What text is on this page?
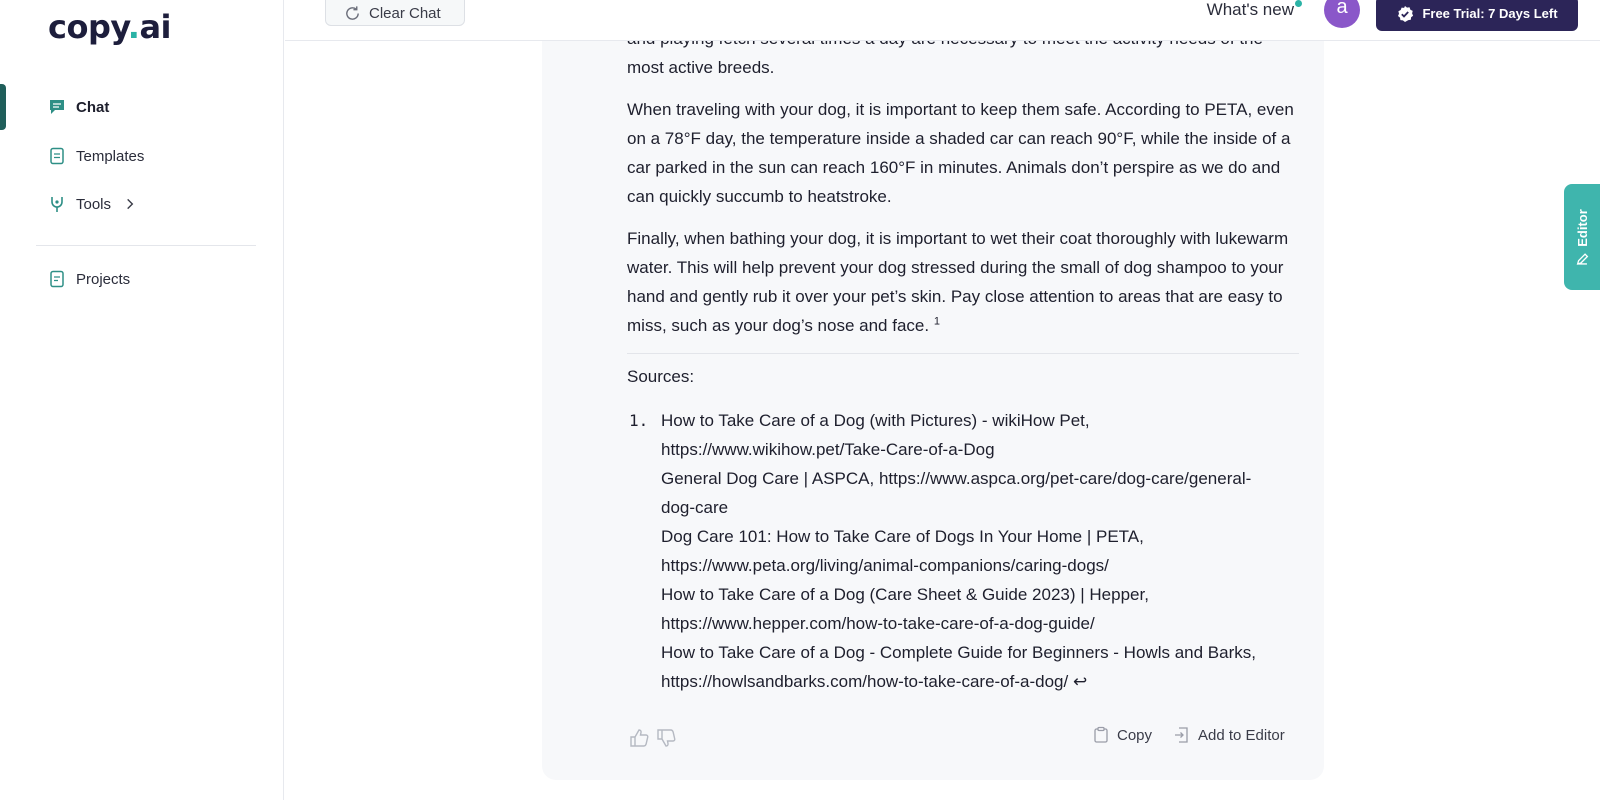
copy.ai
Chat
Templates
Tools
Projects
Clear Chat	What's new a	Free Trial: 7 Days Left

most active breeds.

When traveling with your dog, it is important to keep them safe. According to PETA, even on a 78°F day, the temperature inside a shaded car can reach 90°F, while the inside of a car parked in the sun can reach 160°F in minutes. Animals don’t perspire as we do and can quickly succumb to heatstroke.

Finally, when bathing your dog, it is important to wet their coat thoroughly with lukewarm water. This will help prevent your dog stressed during the small of dog shampoo to your hand and gently rub it over your pet’s skin. Pay close attention to areas that are easy to miss, such as your dog’s nose and face. $^1$

Sources:
1. How to Take Care of a Dog (with Pictures) - wikiHow Pet,
https://www.wikihow.pet/Take-Care-of-a-Dog
General Dog Care | ASPCA, https://www.aspca.org/pet-care/dog-care/general-
dog-care
Dog Care 101: How to Take Care of Dogs In Your Home | PETA,
https://www.peta.org/living/animal-companions/caring-dogs/
How to Take Care of a Dog (Care Sheet & Guide 2023) | Hepper,
https://www.hepper.com/how-to-take-care-of-a-dog-guide/
How to Take Care of a Dog - Complete Guide for Beginners - Howls and Barks,
https://howlsandbarks.com/how-to-take-care-of-a-dog/ ↩
Copy	Add to Editor
Editor
